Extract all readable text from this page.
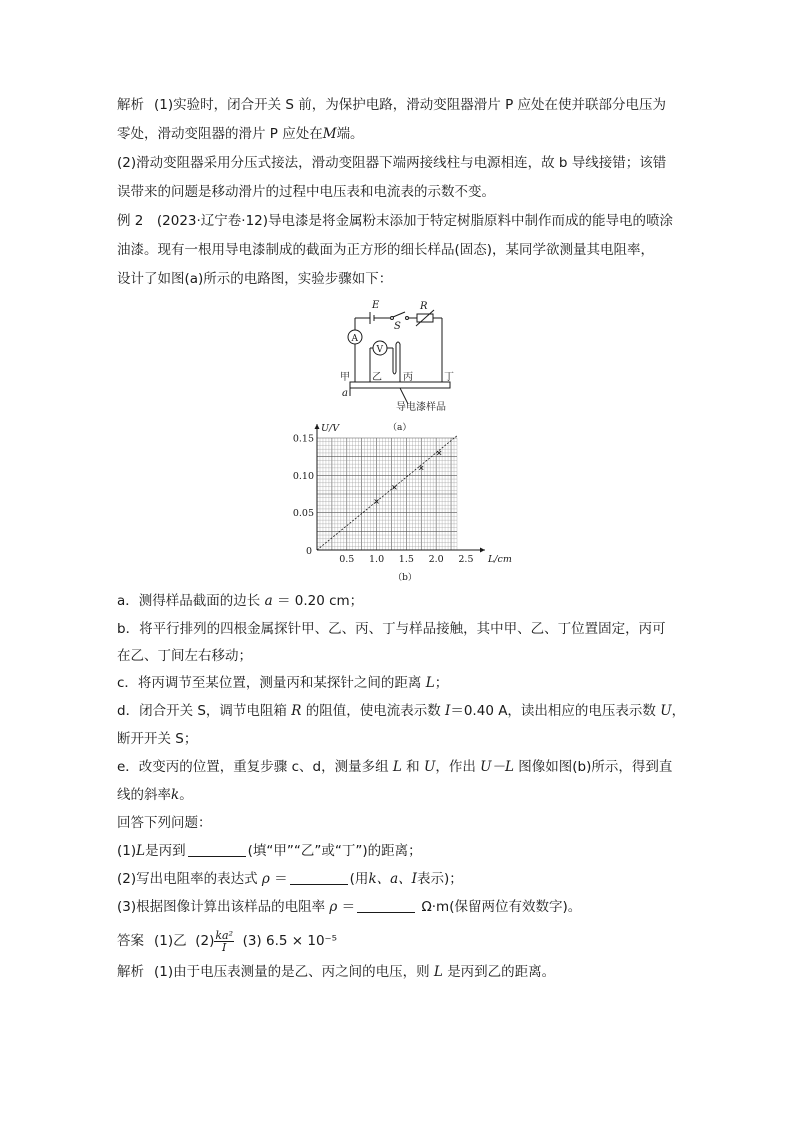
解析 (1)实验时，闭合开关 S 前，为保护电路，滑动变阻器滑片 P 应处在使并联部分电压为
零处，滑动变阻器的滑片 P 应处在M端。
(2)滑动变阻器采用分压式接法，滑动变阻器下端两接线柱与电源相连，故 b 导线接错；该错
误带来的问题是移动滑片的过程中电压表和电流表的示数不变。
例 2　(2023·辽宁卷·12)导电漆是将金属粉末添加于特定树脂原料中制作而成的能导电的喷涂
油漆。现有一根用导电漆制成的截面为正方形的细长样品(固态)，某同学欲测量其电阻率，
设计了如图(a)所示的电路图，实验步骤如下：
E
S
R
A
V
甲 乙 丙	丁
a
导电漆样品
（a）
0.5 1.0 1.5 2.0 2.5
0.05
0.10
0.15
0
L/cm
U/V
（b）
a．测得样品截面的边长 a ＝ 0.20 cm；
b．将平行排列的四根金属探针甲、乙、丙、丁与样品接触，其中甲、乙、丁位置固定，丙可
在乙、丁间左右移动；
c．将丙调节至某位置，测量丙和某探针之间的距离 L；
d．闭合开关 S，调节电阻箱 R 的阻值，使电流表示数 I＝0.40 A，读出相应的电压表示数 U，
断开开关 S；
e．改变丙的位置，重复步骤 c、d，测量多组 L 和 U，作出 U－L 图像如图(b)所示，得到直
线的斜率k。
回答下列问题：
(1)L是丙到	(填“甲”“乙”或“丁”)的距离；
(2)写出电阻率的表达式 ρ ＝	(用k、a、I表示)；
(3)根据图像计算出该样品的电阻率 ρ ＝	Ω·m(保留两位有效数字)。
答案 (1)乙 $(2) \frac{\text{ka²}}{I} (3) 6.5 \times 10^{-5}$
解析 (1)由于电压表测量的是乙、丙之间的电压，则 L 是丙到乙的距离。
